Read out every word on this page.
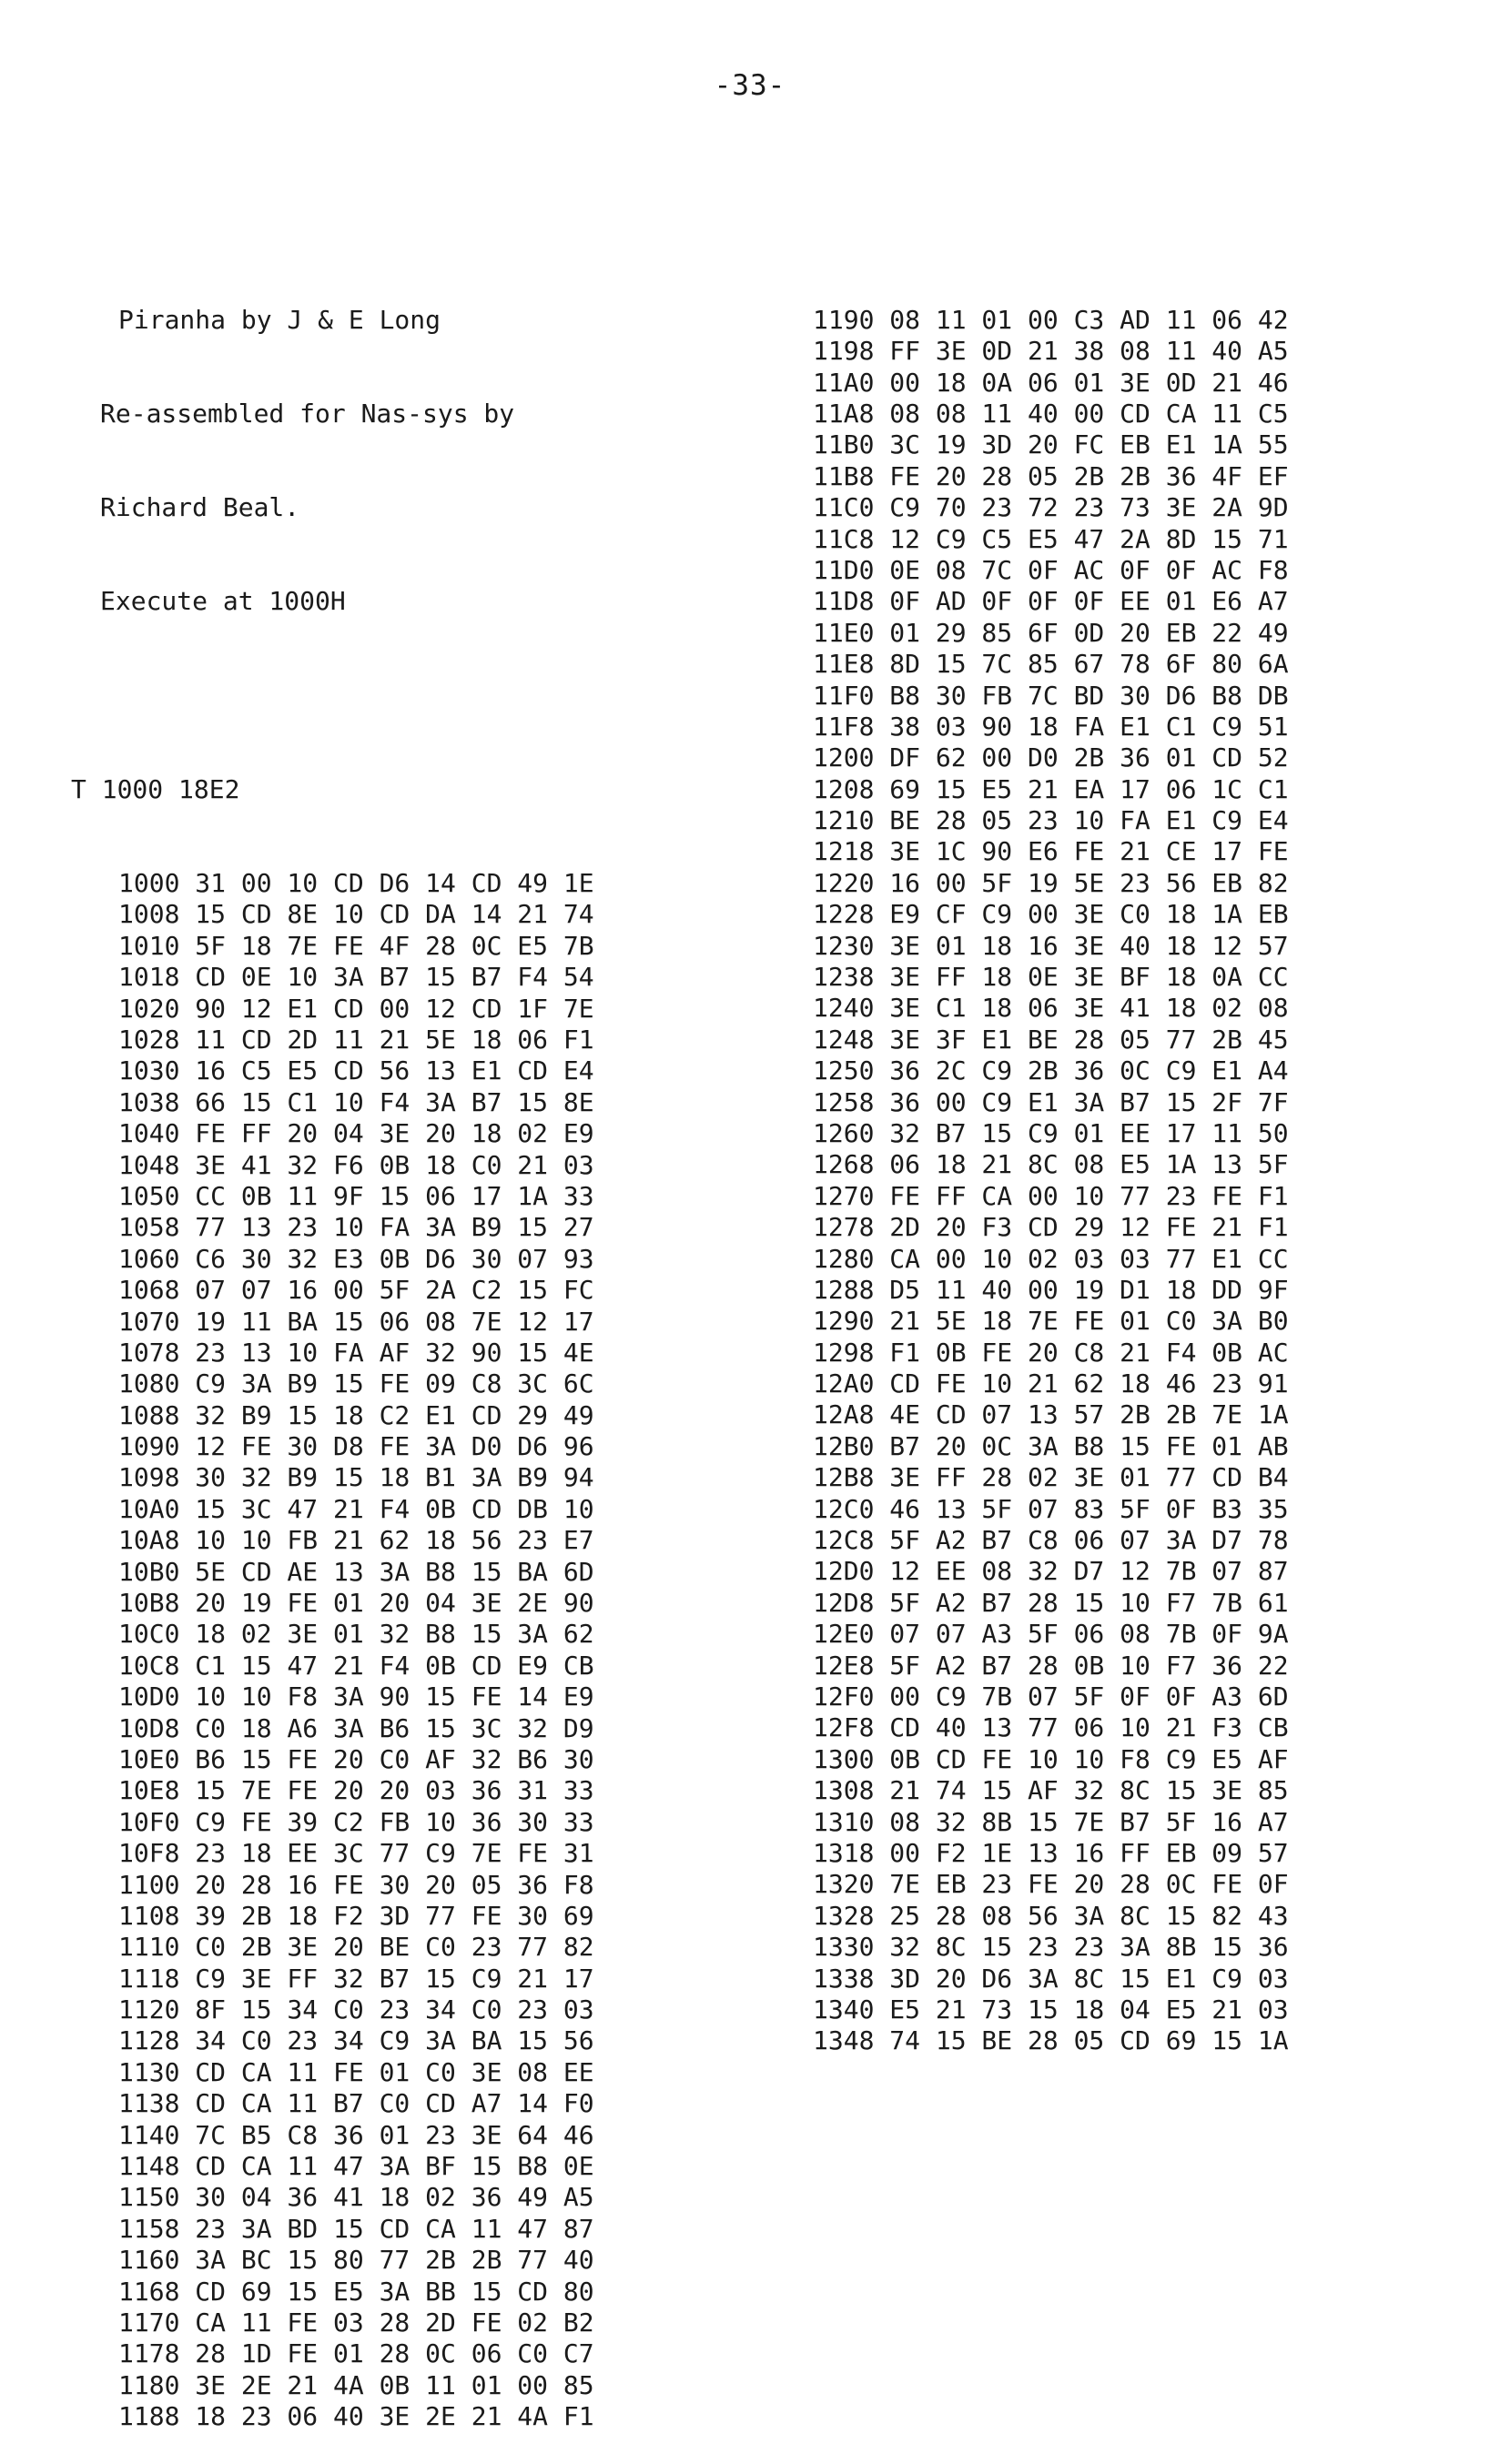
-33-

Piranha by J & E Long

Re-assembled for Nas-sys by

Richard Beal.

Execute at 1000H

T 1000 18E2

1000 31 00 10 CD D6 14 CD 49 1E
1008 15 CD 8E 10 CD DA 14 21 74
1010 5F 18 7E FE 4F 28 0C E5 7B
1018 CD 0E 10 3A B7 15 B7 F4 54
1020 90 12 E1 CD 00 12 CD 1F 7E
1028 11 CD 2D 11 21 5E 18 06 F1
1030 16 C5 E5 CD 56 13 E1 CD E4
1038 66 15 C1 10 F4 3A B7 15 8E
1040 FE FF 20 04 3E 20 18 02 E9
1048 3E 41 32 F6 0B 18 C0 21 03
1050 CC 0B 11 9F 15 06 17 1A 33
1058 77 13 23 10 FA 3A B9 15 27
1060 C6 30 32 E3 0B D6 30 07 93
1068 07 07 16 00 5F 2A C2 15 FC
1070 19 11 BA 15 06 08 7E 12 17
1078 23 13 10 FA AF 32 90 15 4E
1080 C9 3A B9 15 FE 09 C8 3C 6C
1088 32 B9 15 18 C2 E1 CD 29 49
1090 12 FE 30 D8 FE 3A D0 D6 96
1098 30 32 B9 15 18 B1 3A B9 94
10A0 15 3C 47 21 F4 0B CD DB 10
10A8 10 10 FB 21 62 18 56 23 E7
10B0 5E CD AE 13 3A B8 15 BA 6D
10B8 20 19 FE 01 20 04 3E 2E 90
10C0 18 02 3E 01 32 B8 15 3A 62
10C8 C1 15 47 21 F4 0B CD E9 CB
10D0 10 10 F8 3A 90 15 FE 14 E9
10D8 C0 18 A6 3A B6 15 3C 32 D9
10E0 B6 15 FE 20 C0 AF 32 B6 30
10E8 15 7E FE 20 20 03 36 31 33
10F0 C9 FE 39 C2 FB 10 36 30 33
10F8 23 18 EE 3C 77 C9 7E FE 31
1100 20 28 16 FE 30 20 05 36 F8
1108 39 2B 18 F2 3D 77 FE 30 69
1110 C0 2B 3E 20 BE C0 23 77 82
1118 C9 3E FF 32 B7 15 C9 21 17
1120 8F 15 34 C0 23 34 C0 23 03
1128 34 C0 23 34 C9 3A BA 15 56
1130 CD CA 11 FE 01 C0 3E 08 EE
1138 CD CA 11 B7 C0 CD A7 14 F0
1140 7C B5 C8 36 01 23 3E 64 46
1148 CD CA 11 47 3A BF 15 B8 0E
1150 30 04 36 41 18 02 36 49 A5
1158 23 3A BD 15 CD CA 11 47 87
1160 3A BC 15 80 77 2B 2B 77 40
1168 CD 69 15 E5 3A BB 15 CD 80
1170 CA 11 FE 03 28 2D FE 02 B2
1178 28 1D FE 01 28 0C 06 C0 C7
1180 3E 2E 21 4A 0B 11 01 00 85
1188 18 23 06 40 3E 2E 21 4A F1

1190 08 11 01 00 C3 AD 11 06 42
1198 FF 3E 0D 21 38 08 11 40 A5
11A0 00 18 0A 06 01 3E 0D 21 46
11A8 08 08 11 40 00 CD CA 11 C5
11B0 3C 19 3D 20 FC EB E1 1A 55
11B8 FE 20 28 05 2B 2B 36 4F EF
11C0 C9 70 23 72 23 73 3E 2A 9D
11C8 12 C9 C5 E5 47 2A 8D 15 71
11D0 0E 08 7C 0F AC 0F 0F AC F8
11D8 0F AD 0F 0F 0F EE 01 E6 A7
11E0 01 29 85 6F 0D 20 EB 22 49
11E8 8D 15 7C 85 67 78 6F 80 6A
11F0 B8 30 FB 7C BD 30 D6 B8 DB
11F8 38 03 90 18 FA E1 C1 C9 51
1200 DF 62 00 D0 2B 36 01 CD 52
1208 69 15 E5 21 EA 17 06 1C C1
1210 BE 28 05 23 10 FA E1 C9 E4
1218 3E 1C 90 E6 FE 21 CE 17 FE
1220 16 00 5F 19 5E 23 56 EB 82
1228 E9 CF C9 00 3E C0 18 1A EB
1230 3E 01 18 16 3E 40 18 12 57
1238 3E FF 18 0E 3E BF 18 0A CC
1240 3E C1 18 06 3E 41 18 02 08
1248 3E 3F E1 BE 28 05 77 2B 45
1250 36 2C C9 2B 36 0C C9 E1 A4
1258 36 00 C9 E1 3A B7 15 2F 7F
1260 32 B7 15 C9 01 EE 17 11 50
1268 06 18 21 8C 08 E5 1A 13 5F
1270 FE FF CA 00 10 77 23 FE F1
1278 2D 20 F3 CD 29 12 FE 21 F1
1280 CA 00 10 02 03 03 77 E1 CC
1288 D5 11 40 00 19 D1 18 DD 9F
1290 21 5E 18 7E FE 01 C0 3A B0
1298 F1 0B FE 20 C8 21 F4 0B AC
12A0 CD FE 10 21 62 18 46 23 91
12A8 4E CD 07 13 57 2B 2B 7E 1A
12B0 B7 20 0C 3A B8 15 FE 01 AB
12B8 3E FF 28 02 3E 01 77 CD B4
12C0 46 13 5F 07 83 5F 0F B3 35
12C8 5F A2 B7 C8 06 07 3A D7 78
12D0 12 EE 08 32 D7 12 7B 07 87
12D8 5F A2 B7 28 15 10 F7 7B 61
12E0 07 07 A3 5F 06 08 7B 0F 9A
12E8 5F A2 B7 28 0B 10 F7 36 22
12F0 00 C9 7B 07 5F 0F 0F A3 6D
12F8 CD 40 13 77 06 10 21 F3 CB
1300 0B CD FE 10 10 F8 C9 E5 AF
1308 21 74 15 AF 32 8C 15 3E 85
1310 08 32 8B 15 7E B7 5F 16 A7
1318 00 F2 1E 13 16 FF EB 09 57
1320 7E EB 23 FE 20 28 0C FE 0F
1328 25 28 08 56 3A 8C 15 82 43
1330 32 8C 15 23 23 3A 8B 15 36
1338 3D 20 D6 3A 8C 15 E1 C9 03
1340 E5 21 73 15 18 04 E5 21 03
1348 74 15 BE 28 05 CD 69 15 1A
